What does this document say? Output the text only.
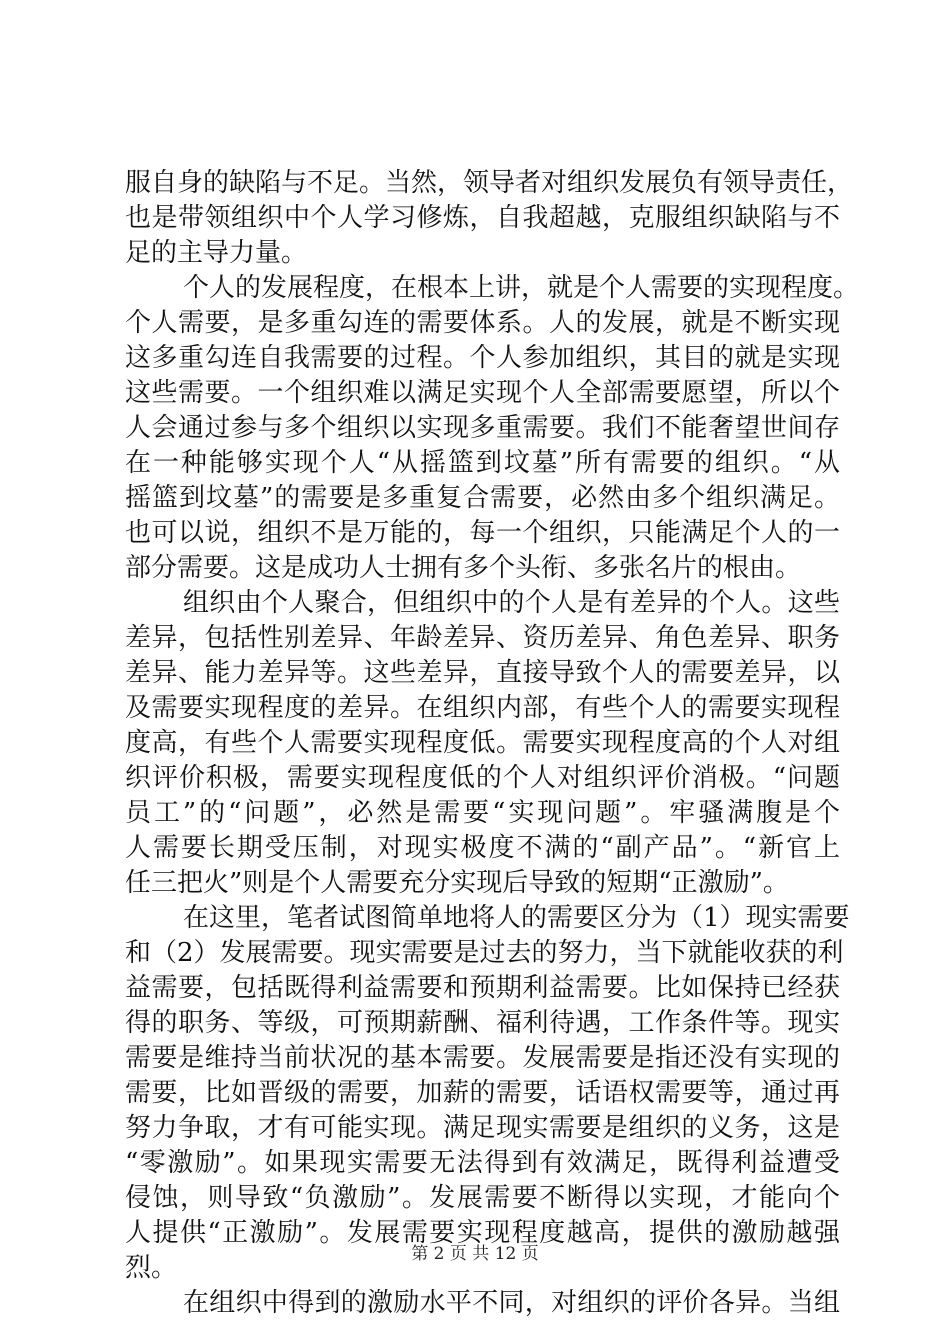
服自身的缺陷与不足。当然，领导者对组织发展负有领导责任，
也是带领组织中个人学习修炼，自我超越，克服组织缺陷与不
足的主导力量。
个人的发展程度，在根本上讲，就是个人需要的实现程度。
个人需要，是多重勾连的需要体系。人的发展，就是不断实现
这多重勾连自我需要的过程。个人参加组织，其目的就是实现
这些需要。一个组织难以满足实现个人全部需要愿望，所以个
人会通过参与多个组织以实现多重需要。我们不能奢望世间存
在一种能够实现个人“从摇篮到坟墓”所有需要的组织。“从
摇篮到坟墓”的需要是多重复合需要，必然由多个组织满足。
也可以说，组织不是万能的，每一个组织，只能满足个人的一
部分需要。这是成功人士拥有多个头衔、多张名片的根由。
组织由个人聚合，但组织中的个人是有差异的个人。这些
差异，包括性别差异、年龄差异、资历差异、角色差异、职务
差异、能力差异等。这些差异，直接导致个人的需要差异，以
及需要实现程度的差异。在组织内部，有些个人的需要实现程
度高，有些个人需要实现程度低。需要实现程度高的个人对组
织评价积极，需要实现程度低的个人对组织评价消极。“问题
员工”的“问题”，必然是需要“实现问题”。牢骚满腹是个
人需要长期受压制，对现实极度不满的“副产品”。“新官上
任三把火”则是个人需要充分实现后导致的短期“正激励”。
在这里，笔者试图简单地将人的需要区分为（1）现实需要
和（2）发展需要。现实需要是过去的努力，当下就能收获的利
益需要，包括既得利益需要和预期利益需要。比如保持已经获
得的职务、等级，可预期薪酬、福利待遇，工作条件等。现实
需要是维持当前状况的基本需要。发展需要是指还没有实现的
需要，比如晋级的需要，加薪的需要，话语权需要等，通过再
努力争取，才有可能实现。满足现实需要是组织的义务，这是
“零激励”。如果现实需要无法得到有效满足，既得利益遭受
侵蚀，则导致“负激励”。发展需要不断得以实现，才能向个
人提供“正激励”。发展需要实现程度越高，提供的激励越强
烈。
在组织中得到的激励水平不同，对组织的评价各异。当组
第 2 页 共 12 页
